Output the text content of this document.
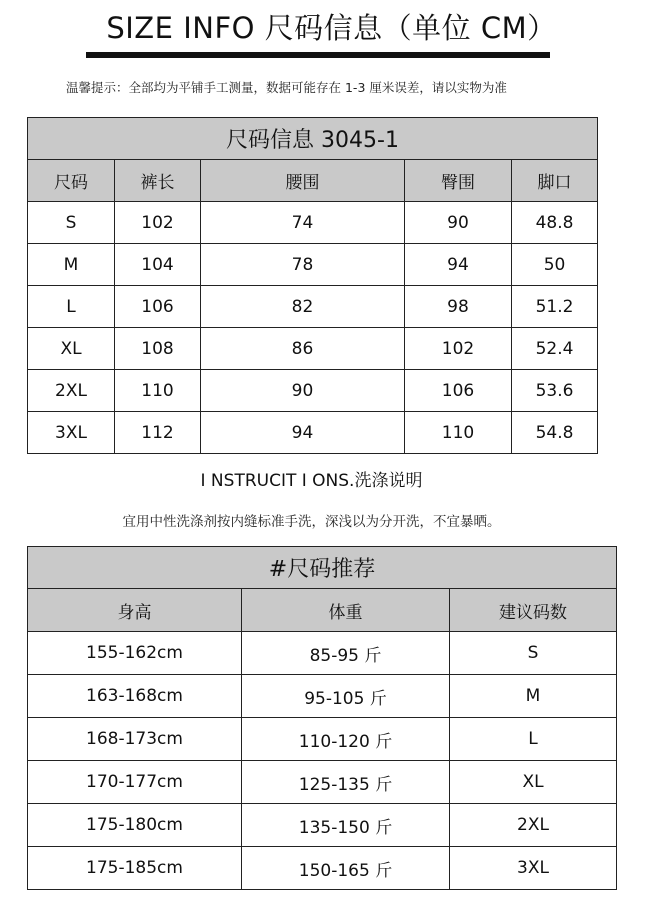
SIZE INFO 尺码信息（单位 CM）
温馨提示：全部均为平铺手工测量，数据可能存在 1-3 厘米误差，请以实物为准
尺码信息 3045-1				
尺码	裤长	腰围	臀围	脚口
S	102	74	90	48.8
M	104	78	94	50
L	106	82	98	51.2
XL	108	86	102	52.4
2XL	110	90	106	53.6
3XL	112	94	110	54.8
I NSTRUCIT I ONS.洗涤说明
宜用中性洗涤剂按内缝标准手洗，深浅以为分开洗，不宜暴晒。
#尺码推荐		
身高	体重	建议码数
155-162cm	85-95 斤	S
163-168cm	95-105 斤	M
168-173cm	110-120 斤	L
170-177cm	125-135 斤	XL
175-180cm	135-150 斤	2XL
175-185cm	150-165 斤	3XL
